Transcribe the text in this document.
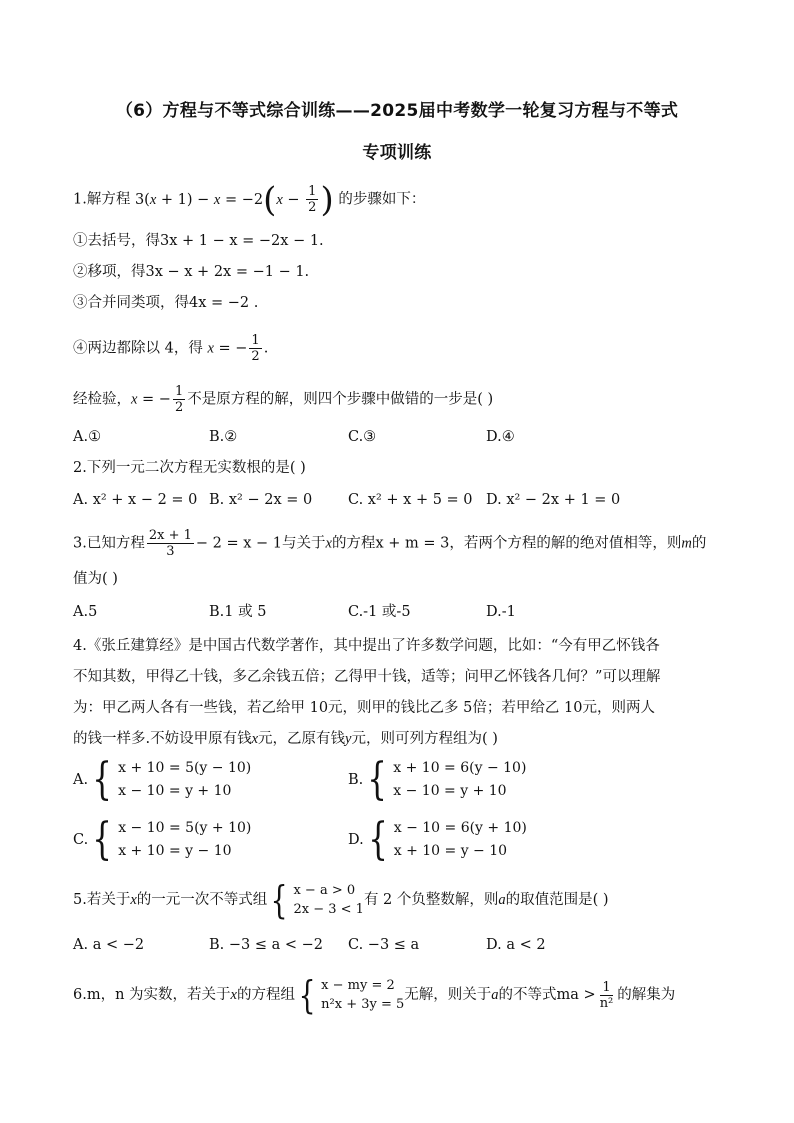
（6）方程与不等式综合训练——2025届中考数学一轮复习方程与不等式
专项训练
1.解方程 $3(x + 1) - x = -2(x - \frac{1}{2}$ ) 的步骤如下：
①去括号，得3x + 1 − x = −2x − 1.
②移项，得3x − x + 2x = −1 − 1.
③合并同类项，得4x = −2 .
④两边都除以 4，得 x = − $\frac{1}{2}$ .
经检验，x = − $\frac{1}{2}$ 不是原方程的解，则四个步骤中做错的一步是( )
A.①	B.②	C.③	D.④
2.下列一元二次方程无实数根的是( )
A. x² + x − 2 = 0 B. x² − 2x = 0 C. x² + x + 5 = 0 D. x² − 2x + 1 = 0
3.已知方程 $\frac{2x + 1}{3} - 2 = x - 1$与关于x的方程x + m = 3，若两个方程的解的绝对值相等，则m的
值为( )
A.5	B.1 或 5	C.-1 或-5	D.-1
4.《张丘建算经》是中国古代数学著作，其中提出了许多数学问题，比如：“今有甲乙怀钱各
不知其数，甲得乙十钱，多乙余钱五倍；乙得甲十钱，适等；问甲乙怀钱各几何？”可以理解
为：甲乙两人各有一些钱，若乙给甲 10元，则甲的钱比乙多 5倍；若甲给乙 10元，则两人
的钱一样多.不妨设甲原有钱x元，乙原有钱y元，则可列方程组为( )
A. { x + 10 = 5(y − 10)
x − 10 = y + 10
B. { x + 10 = 6(y − 10)
x − 10 = y + 10
C. { x − 10 = 5(y + 10)
x + 10 = y − 10
D. { x − 10 = 6(y + 10)
x + 10 = y − 10
5.若关于x的一元一次不等式组 { x − a > 0
2x − 3 < 1
有 2 个负整数解，则a的取值范围是( )
A. a < −2	B. −3 ≤ a < −2 C. −3 ≤ a	D. a < 2
6.m，n 为实数，若关于x的方程组 { x − my = 2
n²x + 3y = 5
无解，则关于a的不等式ma > $\frac{1}{\text{n²}}$ 的解集为
